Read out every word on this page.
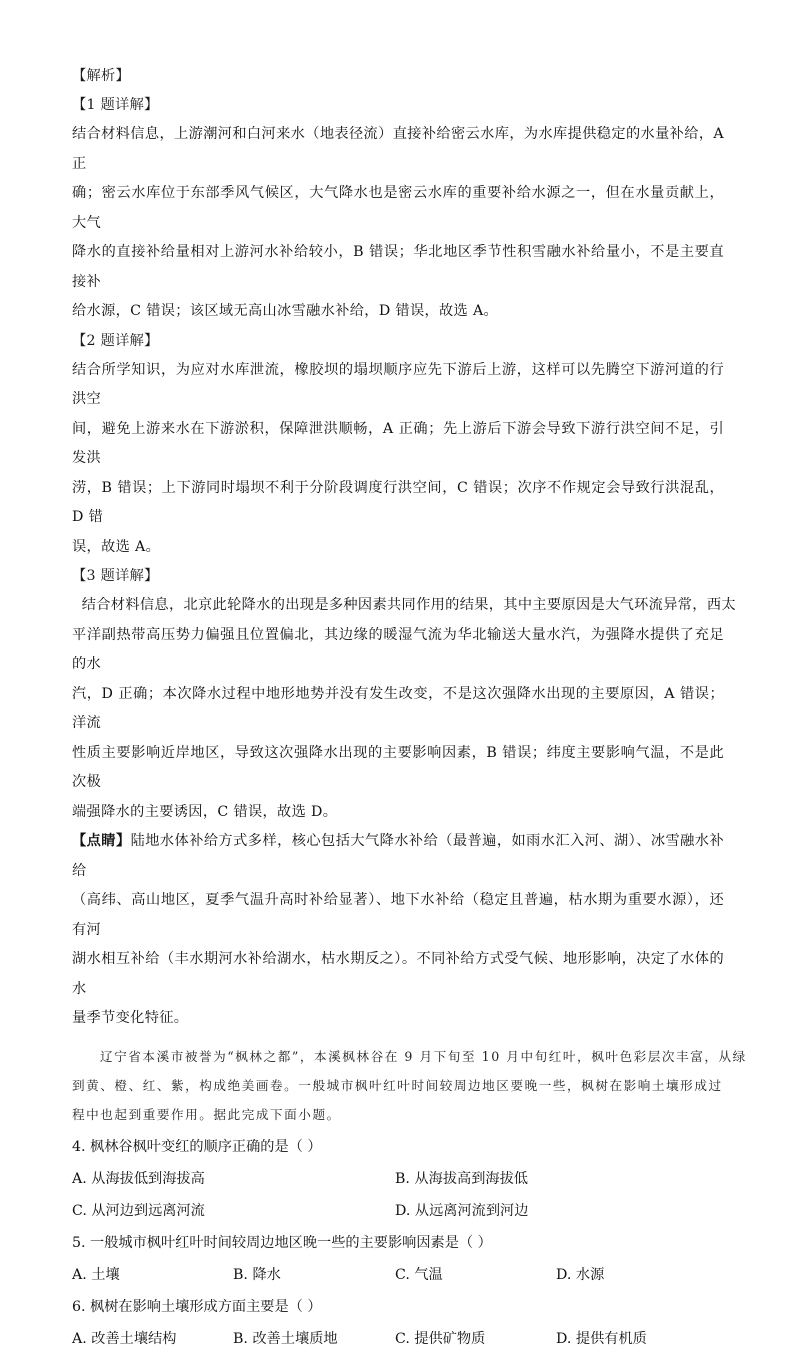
【解析】
【1 题详解】
结合材料信息，上游潮河和白河来水（地表径流）直接补给密云水库，为水库提供稳定的水量补给，A 正
确；密云水库位于东部季风气候区，大气降水也是密云水库的重要补给水源之一，但在水量贡献上，大气
降水的直接补给量相对上游河水补给较小，B 错误；华北地区季节性积雪融水补给量小，不是主要直接补
给水源，C 错误；该区域无高山冰雪融水补给，D 错误，故选 A。
【2 题详解】
结合所学知识，为应对水库泄流，橡胶坝的塌坝顺序应先下游后上游，这样可以先腾空下游河道的行洪空
间，避免上游来水在下游淤积，保障泄洪顺畅，A 正确；先上游后下游会导致下游行洪空间不足，引发洪
涝，B 错误；上下游同时塌坝不利于分阶段调度行洪空间，C 错误；次序不作规定会导致行洪混乱，D 错
误，故选 A。
【3 题详解】
结合材料信息，北京此轮降水的出现是多种因素共同作用的结果，其中主要原因是大气环流异常，西太
平洋副热带高压势力偏强且位置偏北，其边缘的暖湿气流为华北输送大量水汽，为强降水提供了充足的水
汽，D 正确；本次降水过程中地形地势并没有发生改变，不是这次强降水出现的主要原因，A 错误；洋流
性质主要影响近岸地区，导致这次强降水出现的主要影响因素，B 错误；纬度主要影响气温，不是此次极
端强降水的主要诱因，C 错误，故选 D。
【点睛】陆地水体补给方式多样，核心包括大气降水补给（最普遍，如雨水汇入河、湖）、冰雪融水补给
（高纬、高山地区，夏季气温升高时补给显著）、地下水补给（稳定且普遍，枯水期为重要水源），还有河
湖水相互补给（丰水期河水补给湖水，枯水期反之）。不同补给方式受气候、地形影响，决定了水体的水
量季节变化特征。
辽宁省本溪市被誉为“枫林之都”，本溪枫林谷在 9 月下旬至 10 月中旬红叶，枫叶色彩层次丰富，从绿
到黄、橙、红、紫，构成绝美画卷。一般城市枫叶红叶时间较周边地区要晚一些，枫树在影响土壤形成过
程中也起到重要作用。据此完成下面小题。
4. 枫林谷枫叶变红的顺序正确的是（ ）
A. 从海拔低到海拔高	B. 从海拔高到海拔低
C. 从河边到远离河流	D. 从远离河流到河边
5. 一般城市枫叶红叶时间较周边地区晚一些的主要影响因素是（ ）
A. 土壤	B. 降水	C. 气温	D. 水源
6. 枫树在影响土壤形成方面主要是（ ）
A. 改善土壤结构	B. 改善土壤质地	C. 提供矿物质	D. 提供有机质
